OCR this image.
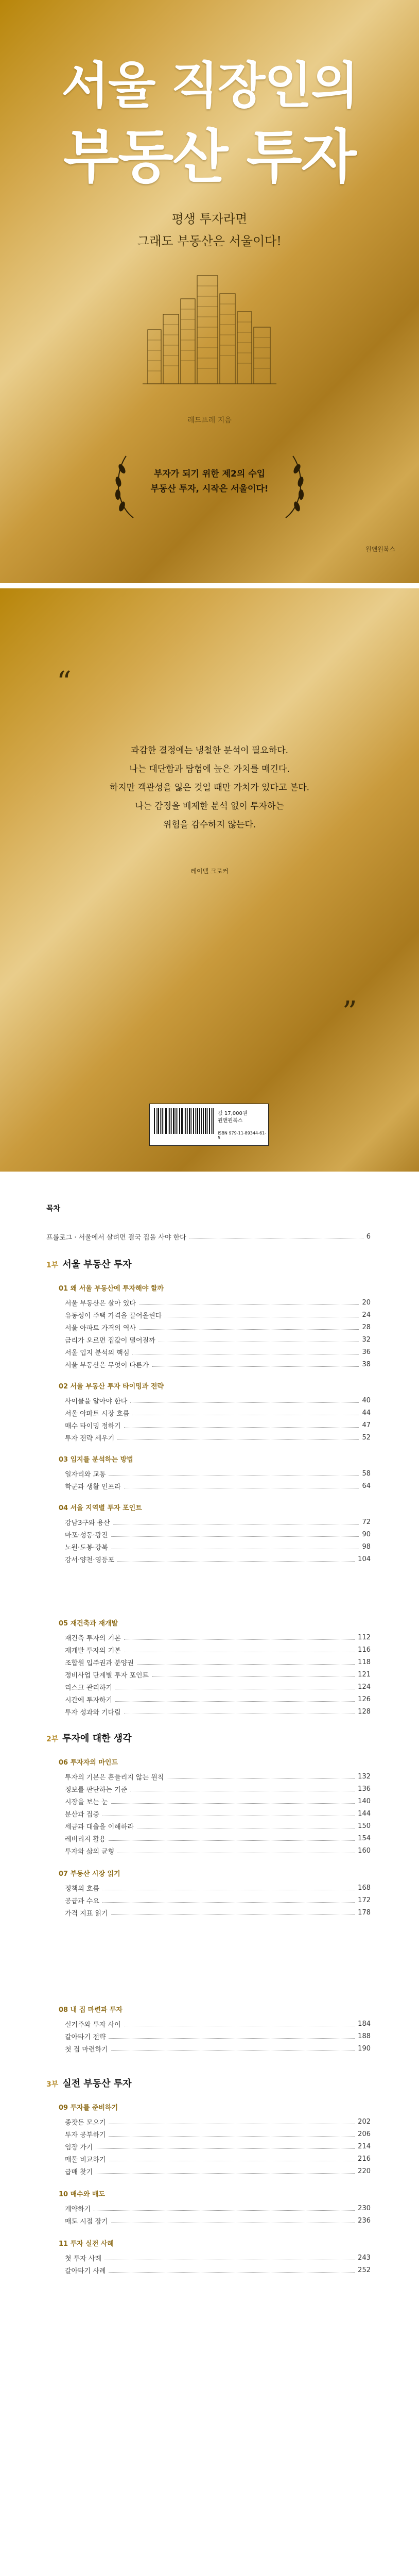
서울 직장인의
부동산 투자
평생 투자라면
그래도 부동산은 서울이다!
레드프레 지음
부자가 되기 위한 제2의 수입
부동산 투자, 시작은 서울이다!
원앤원북스
“
과감한 결정에는 냉철한 분석이 필요하다.
나는 대단함과 탐험에 높은 가치를 매긴다.
하지만 객관성을 잃은 것일 때만 가치가 있다고 본다.
나는 감정을 배제한 분석 없이 투자하는
위험을 감수하지 않는다.
레이델 크로커
”
값 17,000원
원앤원북스
ISBN 979-11-89344-61-5
목차
프롤로그 · 서울에서 살려면 결국 집을 사야 한다	6
1부 서울 부동산 투자
01 왜 서울 부동산에 투자해야 할까
서울 부동산은 살아 있다	20
유동성이 주택 가격을 끌어올린다	24
서울 아파트 가격의 역사	28
금리가 오르면 집값이 떨어질까	32
서울 입지 분석의 핵심	36
서울 부동산은 무엇이 다른가	38
02 서울 부동산 투자 타이밍과 전략
사이클을 알아야 한다	40
서울 아파트 시장 흐름	44
매수 타이밍 정하기	47
투자 전략 세우기	52
03 입지를 분석하는 방법
일자리와 교통	58
학군과 생활 인프라	64
04 서울 지역별 투자 포인트
강남3구와 용산	72
마포·성동·광진	90
노원·도봉·강북	98
강서·양천·영등포	104
05 재건축과 재개발
재건축 투자의 기본	112
재개발 투자의 기본	116
조합원 입주권과 분양권	118
정비사업 단계별 투자 포인트	121
리스크 관리하기	124
시간에 투자하기	126
투자 성과와 기다림	128
2부 투자에 대한 생각
06 투자자의 마인드
투자의 기본은 흔들리지 않는 원칙	132
정보를 판단하는 기준	136
시장을 보는 눈	140
분산과 집중	144
세금과 대출을 이해하라	150
레버리지 활용	154
투자와 삶의 균형	160
07 부동산 시장 읽기
정책의 흐름	168
공급과 수요	172
가격 지표 읽기	178
08 내 집 마련과 투자
실거주와 투자 사이	184
갈아타기 전략	188
첫 집 마련하기	190
3부 실전 부동산 투자
09 투자를 준비하기
종잣돈 모으기	202
투자 공부하기	206
임장 가기	214
매물 비교하기	216
급매 찾기	220
10 매수와 매도
계약하기	230
매도 시점 잡기	236
11 투자 실전 사례
첫 투자 사례	243
갈아타기 사례	252
